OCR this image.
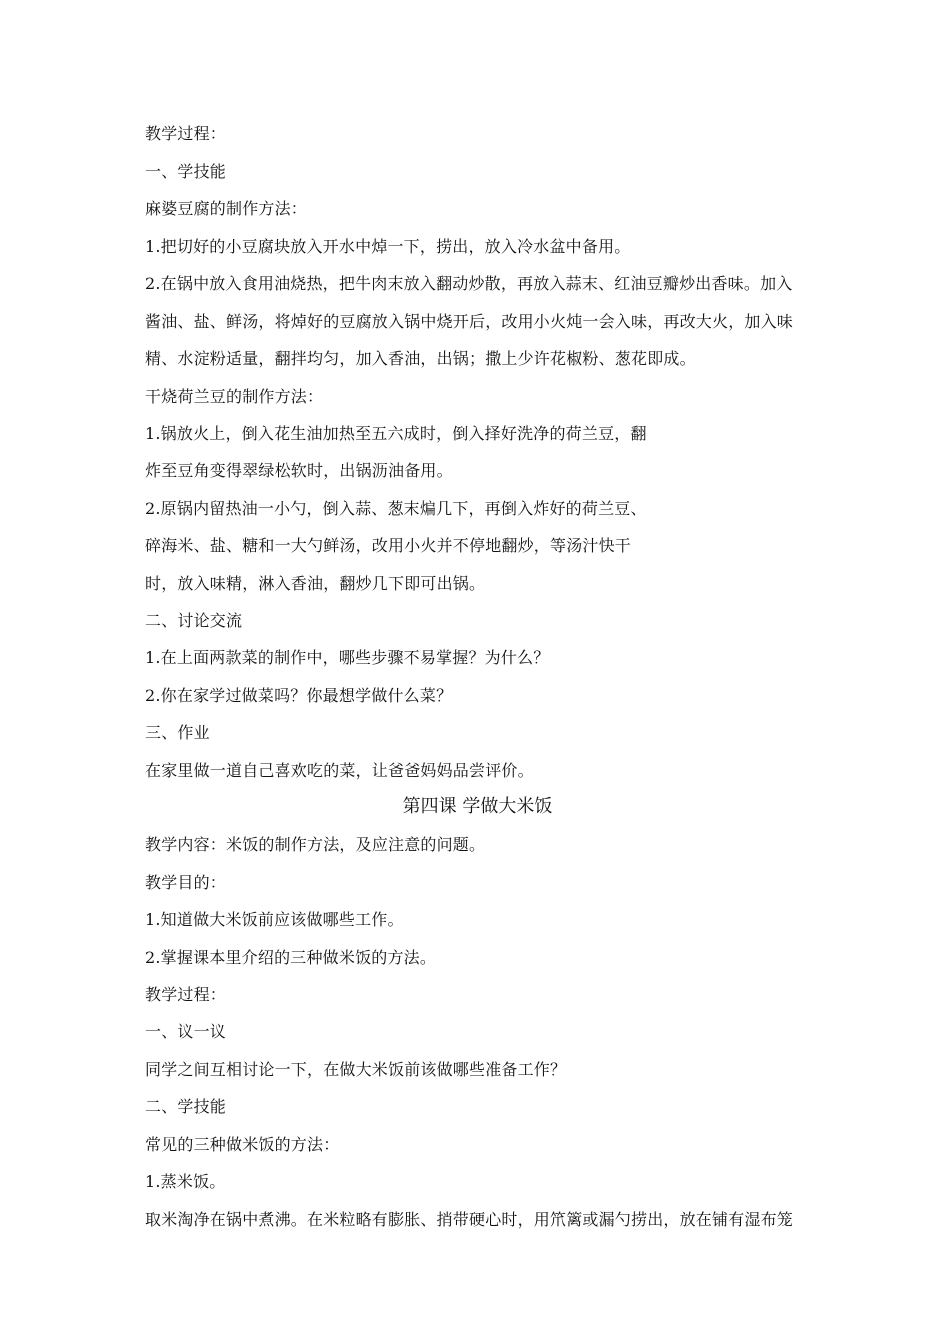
教学过程：
一、学技能
麻婆豆腐的制作方法：
1.把切好的小豆腐块放入开水中焯一下，捞出，放入冷水盆中备用。
2.在锅中放入食用油烧热，把牛肉末放入翻动炒散，再放入蒜末、红油豆瓣炒出香味。加入
酱油、盐、鲜汤，将焯好的豆腐放入锅中烧开后，改用小火炖一会入味，再改大火，加入味
精、水淀粉适量，翻拌均匀，加入香油，出锅；撒上少许花椒粉、葱花即成。
干烧荷兰豆的制作方法：
1.锅放火上，倒入花生油加热至五六成时，倒入择好洗净的荷兰豆，翻
炸至豆角变得翠绿松软时，出锅沥油备用。
2.原锅内留热油一小勺，倒入蒜、葱末煸几下，再倒入炸好的荷兰豆、
碎海米、盐、糖和一大勺鲜汤，改用小火并不停地翻炒，等汤汁快干
时，放入味精，淋入香油，翻炒几下即可出锅。
二、讨论交流
1.在上面两款菜的制作中，哪些步骤不易掌握？为什么？
2.你在家学过做菜吗？你最想学做什么菜？
三、作业
在家里做一道自己喜欢吃的菜，让爸爸妈妈品尝评价。
第四课 学做大米饭
教学内容：米饭的制作方法，及应注意的问题。
教学目的：
1.知道做大米饭前应该做哪些工作。
2.掌握课本里介绍的三种做米饭的方法。
教学过程：
一、议一议
同学之间互相讨论一下，在做大米饭前该做哪些准备工作？
二、学技能
常见的三种做米饭的方法：
1.蒸米饭。
取米淘净在锅中煮沸。在米粒略有膨胀、捎带硬心时，用笊篱或漏勺捞出，放在铺有湿布笼
